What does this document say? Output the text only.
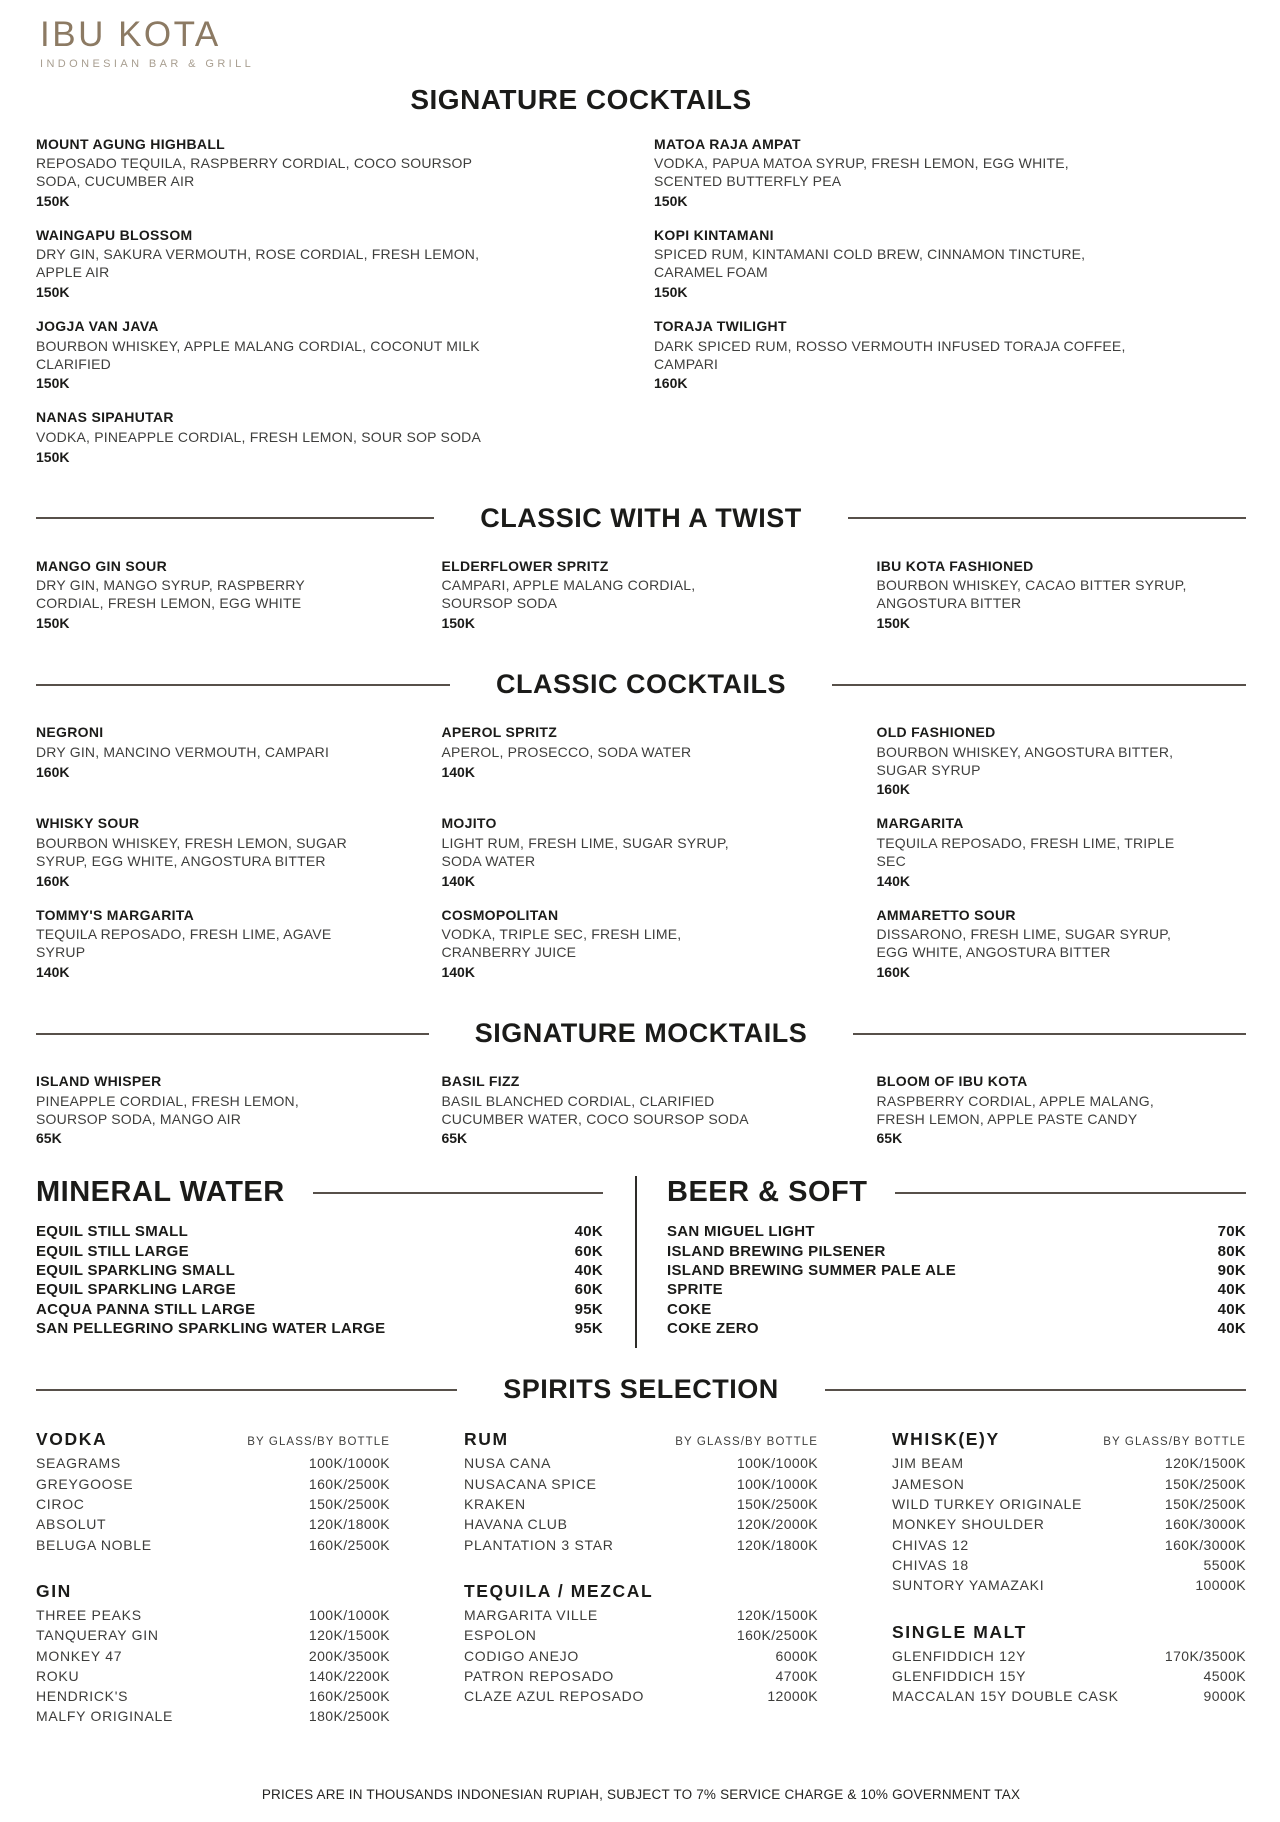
IBU KOTA
INDONESIAN BAR & GRILL
SIGNATURE COCKTAILS
MOUNT AGUNG HIGHBALL
REPOSADO TEQUILA, RASPBERRY CORDIAL, COCO SOURSOP SODA, CUCUMBER AIR
150K
MATOA RAJA AMPAT
VODKA, PAPUA MATOA SYRUP, FRESH LEMON, EGG WHITE, SCENTED BUTTERFLY PEA
150K
WAINGAPU BLOSSOM
DRY GIN, SAKURA VERMOUTH, ROSE CORDIAL, FRESH LEMON, APPLE AIR
150K
KOPI KINTAMANI
SPICED RUM, KINTAMANI COLD BREW, CINNAMON TINCTURE, CARAMEL FOAM
150K
JOGJA VAN JAVA
BOURBON WHISKEY, APPLE MALANG CORDIAL, COCONUT MILK CLARIFIED
150K
TORAJA TWILIGHT
DARK SPICED RUM, ROSSO VERMOUTH INFUSED TORAJA COFFEE, CAMPARI
160K
NANAS SIPAHUTAR
VODKA, PINEAPPLE CORDIAL, FRESH LEMON, SOUR SOP SODA
150K
CLASSIC WITH A TWIST
MANGO GIN SOUR
DRY GIN, MANGO SYRUP, RASPBERRY CORDIAL, FRESH LEMON, EGG WHITE
150K
ELDERFLOWER SPRITZ
CAMPARI, APPLE MALANG CORDIAL, SOURSOP SODA
150K
IBU KOTA FASHIONED
BOURBON WHISKEY, CACAO BITTER SYRUP, ANGOSTURA BITTER
150K
CLASSIC COCKTAILS
NEGRONI
DRY GIN, MANCINO VERMOUTH, CAMPARI
160K
APEROL SPRITZ
APEROL, PROSECCO, SODA WATER
140K
OLD FASHIONED
BOURBON WHISKEY, ANGOSTURA BITTER, SUGAR SYRUP
160K
WHISKY SOUR
BOURBON WHISKEY, FRESH LEMON, SUGAR SYRUP, EGG WHITE, ANGOSTURA BITTER
160K
MOJITO
LIGHT RUM, FRESH LIME, SUGAR SYRUP, SODA WATER
140K
MARGARITA
TEQUILA REPOSADO, FRESH LIME, TRIPLE SEC
140K
TOMMY'S MARGARITA
TEQUILA REPOSADO, FRESH LIME, AGAVE SYRUP
140K
COSMOPOLITAN
VODKA, TRIPLE SEC, FRESH LIME, CRANBERRY JUICE
140K
AMMARETTO SOUR
DISSARONO, FRESH LIME, SUGAR SYRUP, EGG WHITE, ANGOSTURA BITTER
160K
SIGNATURE MOCKTAILS
ISLAND WHISPER
PINEAPPLE CORDIAL, FRESH LEMON, SOURSOP SODA, MANGO AIR
65K
BASIL FIZZ
BASIL BLANCHED CORDIAL, CLARIFIED CUCUMBER WATER, COCO SOURSOP SODA
65K
BLOOM OF IBU KOTA
RASPBERRY CORDIAL, APPLE MALANG, FRESH LEMON, APPLE PASTE CANDY
65K
MINERAL WATER
EQUIL STILL SMALL	40K
EQUIL STILL LARGE	60K
EQUIL SPARKLING SMALL	40K
EQUIL SPARKLING LARGE	60K
ACQUA PANNA STILL LARGE	95K
SAN PELLEGRINO SPARKLING WATER LARGE	95K
BEER & SOFT
SAN MIGUEL LIGHT	70K
ISLAND BREWING PILSENER	80K
ISLAND BREWING SUMMER PALE ALE	90K
SPRITE	40K
COKE	40K
COKE ZERO	40K
SPIRITS SELECTION
VODKA	BY GLASS/BY BOTTLE
SEAGRAMS	100K/1000K
GREYGOOSE	160K/2500K
CIROC	150K/2500K
ABSOLUT	120K/1800K
BELUGA NOBLE	160K/2500K
GIN
THREE PEAKS	100K/1000K
TANQUERAY GIN	120K/1500K
MONKEY 47	200K/3500K
ROKU	140K/2200K
HENDRICK'S	160K/2500K
MALFY ORIGINALE	180K/2500K
RUM	BY GLASS/BY BOTTLE
NUSA CANA	100K/1000K
NUSACANA SPICE	100K/1000K
KRAKEN	150K/2500K
HAVANA CLUB	120K/2000K
PLANTATION 3 STAR	120K/1800K
TEQUILA / MEZCAL
MARGARITA VILLE	120K/1500K
ESPOLON	160K/2500K
CODIGO ANEJO	6000K
PATRON REPOSADO	4700K
CLAZE AZUL REPOSADO	12000K
WHISK(E)Y	BY GLASS/BY BOTTLE
JIM BEAM	120K/1500K
JAMESON	150K/2500K
WILD TURKEY ORIGINALE	150K/2500K
MONKEY SHOULDER	160K/3000K
CHIVAS 12	160K/3000K
CHIVAS 18	5500K
SUNTORY YAMAZAKI	10000K
SINGLE MALT
GLENFIDDICH 12Y	170K/3500K
GLENFIDDICH 15Y	4500K
MACCALAN 15Y DOUBLE CASK	9000K
PRICES ARE IN THOUSANDS INDONESIAN RUPIAH, SUBJECT TO 7% SERVICE CHARGE & 10% GOVERNMENT TAX
